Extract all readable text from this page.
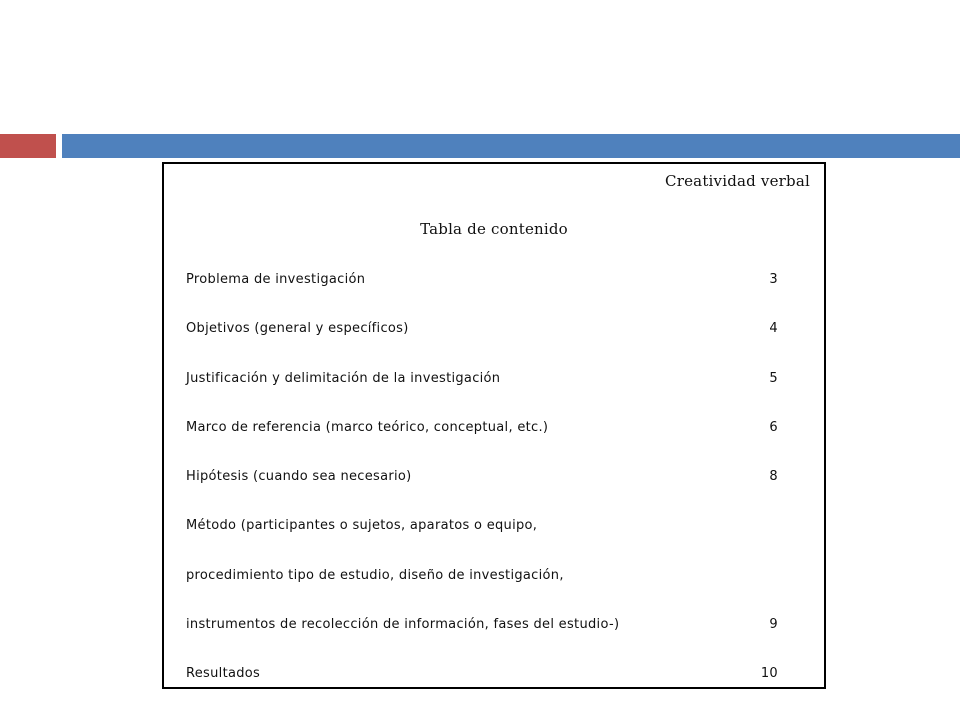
Creatividad verbal
Tabla de contenido
Problema de investigación	3
Objetivos (general y específicos)	4
Justificación y delimitación de la investigación	5
Marco de referencia (marco teórico, conceptual, etc.)	6
Hipótesis (cuando sea necesario)	8
Método (participantes o sujetos, aparatos o equipo,
procedimiento tipo de estudio, diseño de investigación,
instrumentos de recolección de información, fases del estudio-)	9
Resultados	10
